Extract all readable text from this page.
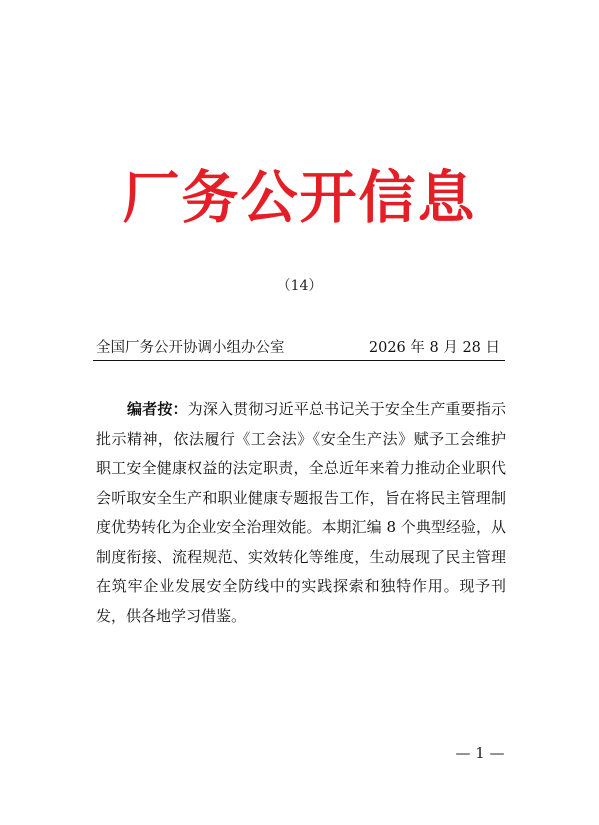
厂务公开信息
（14）
全国厂务公开协调小组办公室	2026 年 8 月 28 日
编者按：为深入贯彻习近平总书记关于安全生产重要指示批示精神，依法履行《工会法》《安全生产法》赋予工会维护职工安全健康权益的法定职责，全总近年来着力推动企业职代会听取安全生产和职业健康专题报告工作，旨在将民主管理制度优势转化为企业安全治理效能。本期汇编 8 个典型经验，从制度衔接、流程规范、实效转化等维度，生动展现了民主管理在筑牢企业发展安全防线中的实践探索和独特作用。现予刊发，供各地学习借鉴。
— 1 —
